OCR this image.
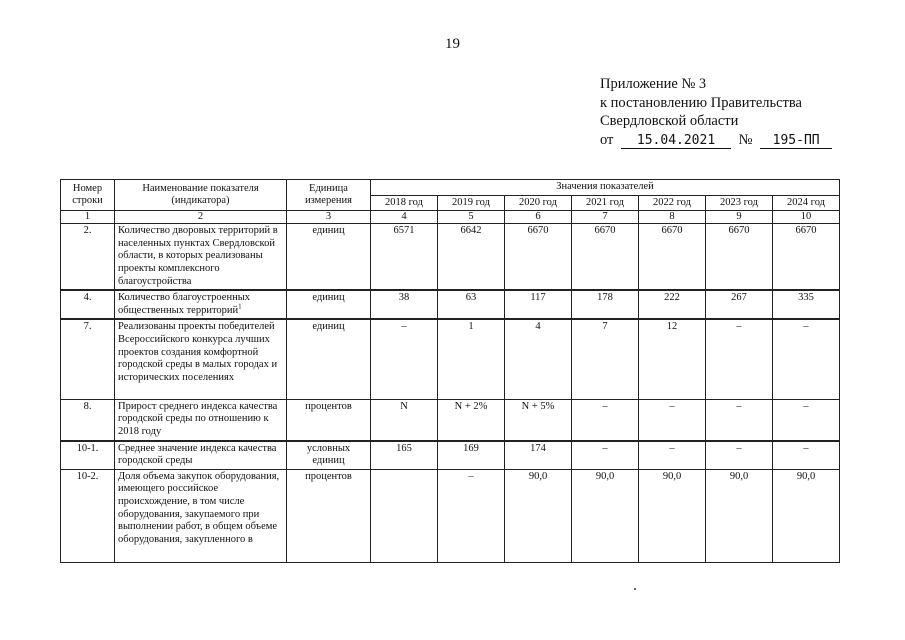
19
Приложение № 3
к постановлению Правительства
Свердловской области
от 15.04.2021 № 195-ПП
Номер строки	Наименование показателя (индикатора)	Единица измерения	Значения показателей						
			2018 год	2019 год	2020 год	2021 год	2022 год	2023 год	2024 год
1	2	3	4	5	6	7	8	9	10
2.	Количество дворовых территорий в населенных пунктах Свердловской области, в которых реализованы проекты комплексного благоустройства	единиц	6571	6642	6670	6670	6670	6670	6670
4.	Количество благоустроенных общественных территорий$^1$	единиц	38	63	117	178	222	267	335
7.	Реализованы проекты победителей Всероссийского конкурса лучших проектов создания комфортной городской среды в малых городах и исторических поселениях	единиц	–	1	4	7	12	–	–
8.	Прирост среднего индекса качества городской среды по отношению к 2018 году	процентов	N	N + 2%	N + 5%	–	–	–	–
10-1.	Среднее значение индекса качества городской среды	условных единиц	165	169	174	–	–	–	–
10-2.	Доля объема закупок оборудования, имеющего российское происхождение, в том числе оборудования, закупаемого при выполнении работ, в общем объеме оборудования, закупленного в	процентов		–	90,0	90,0	90,0	90,0	90,0
